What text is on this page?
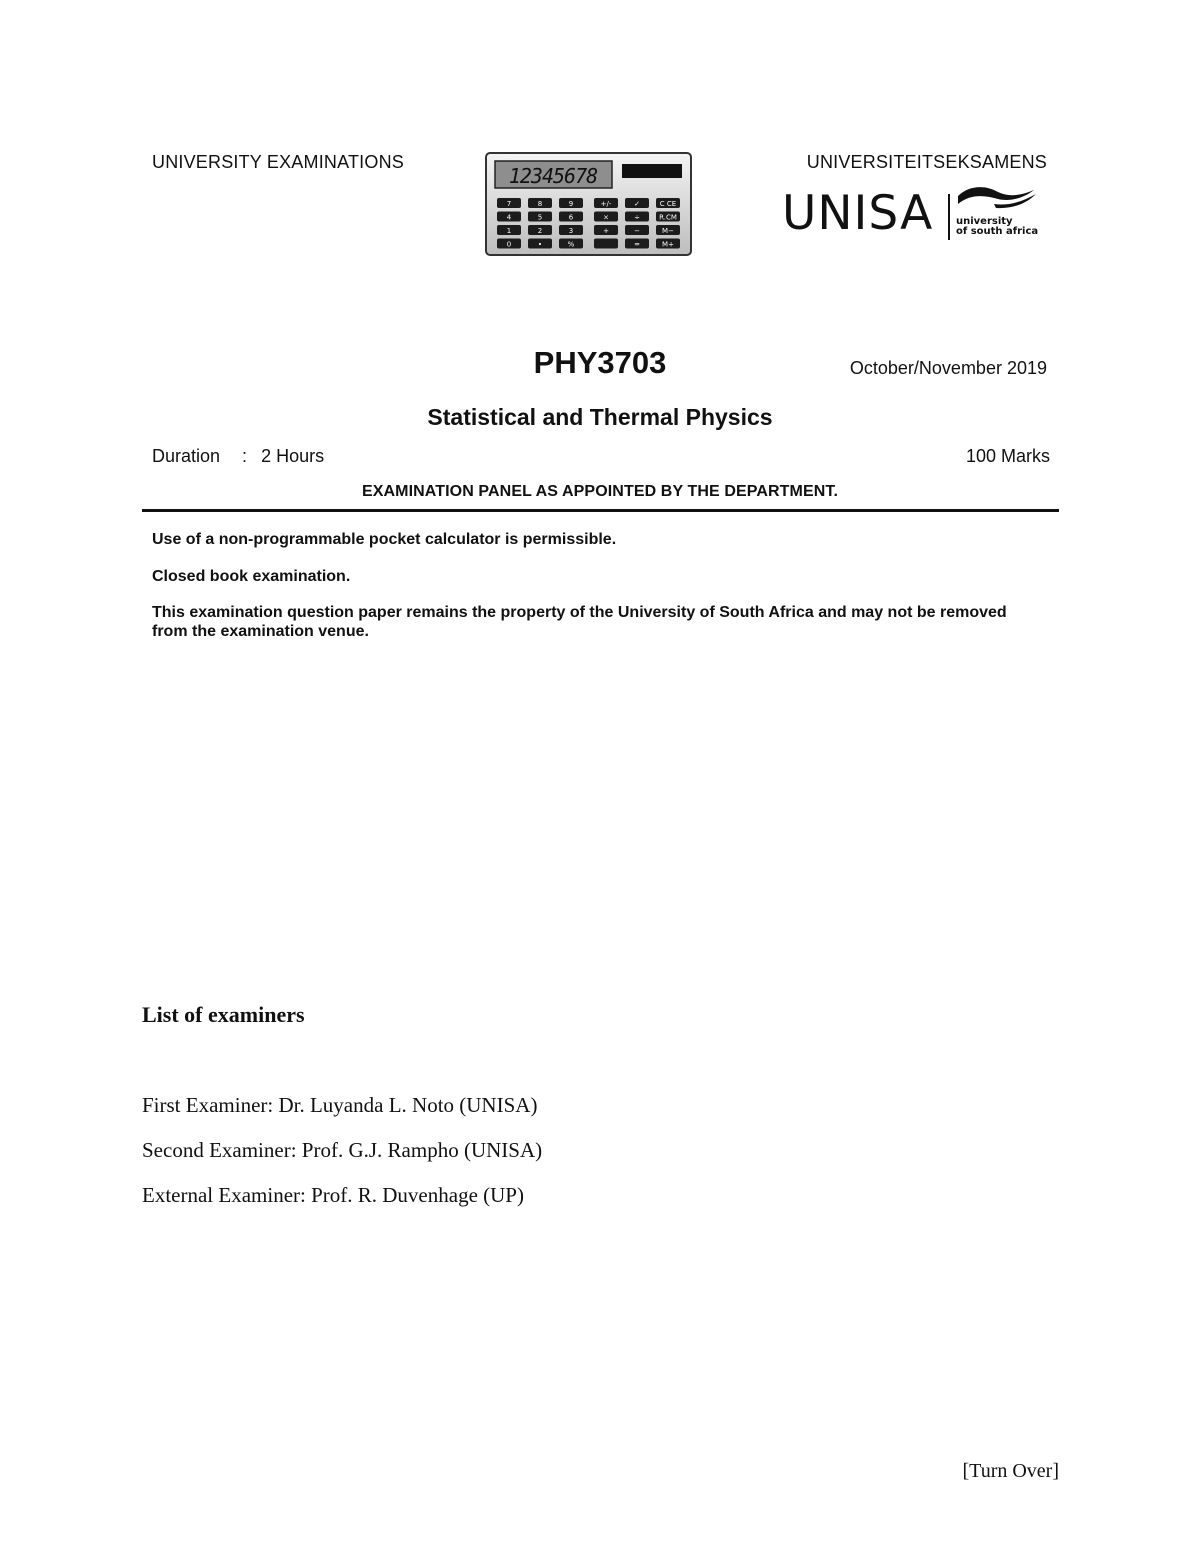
UNIVERSITY EXAMINATIONS	UNIVERSITEITSEKSAMENS
7	8	9	+/-	✓	C CE
4	5	6	×	÷	R.CM
1	2	3	+	−	M−
0	•	%	=	M+
12345678
UNISA university
of south africa
PHY3703	October/November 2019
Statistical and Thermal Physics
Duration : 2 Hours	100 Marks
EXAMINATION PANEL AS APPOINTED BY THE DEPARTMENT.
Use of a non-programmable pocket calculator is permissible.
Closed book examination.
This examination question paper remains the property of the University of South Africa and may not be removed from the examination venue.
List of examiners
First Examiner: Dr. Luyanda L. Noto (UNISA)
Second Examiner: Prof. G.J. Rampho (UNISA)
External Examiner: Prof. R. Duvenhage (UP)
[Turn Over]
